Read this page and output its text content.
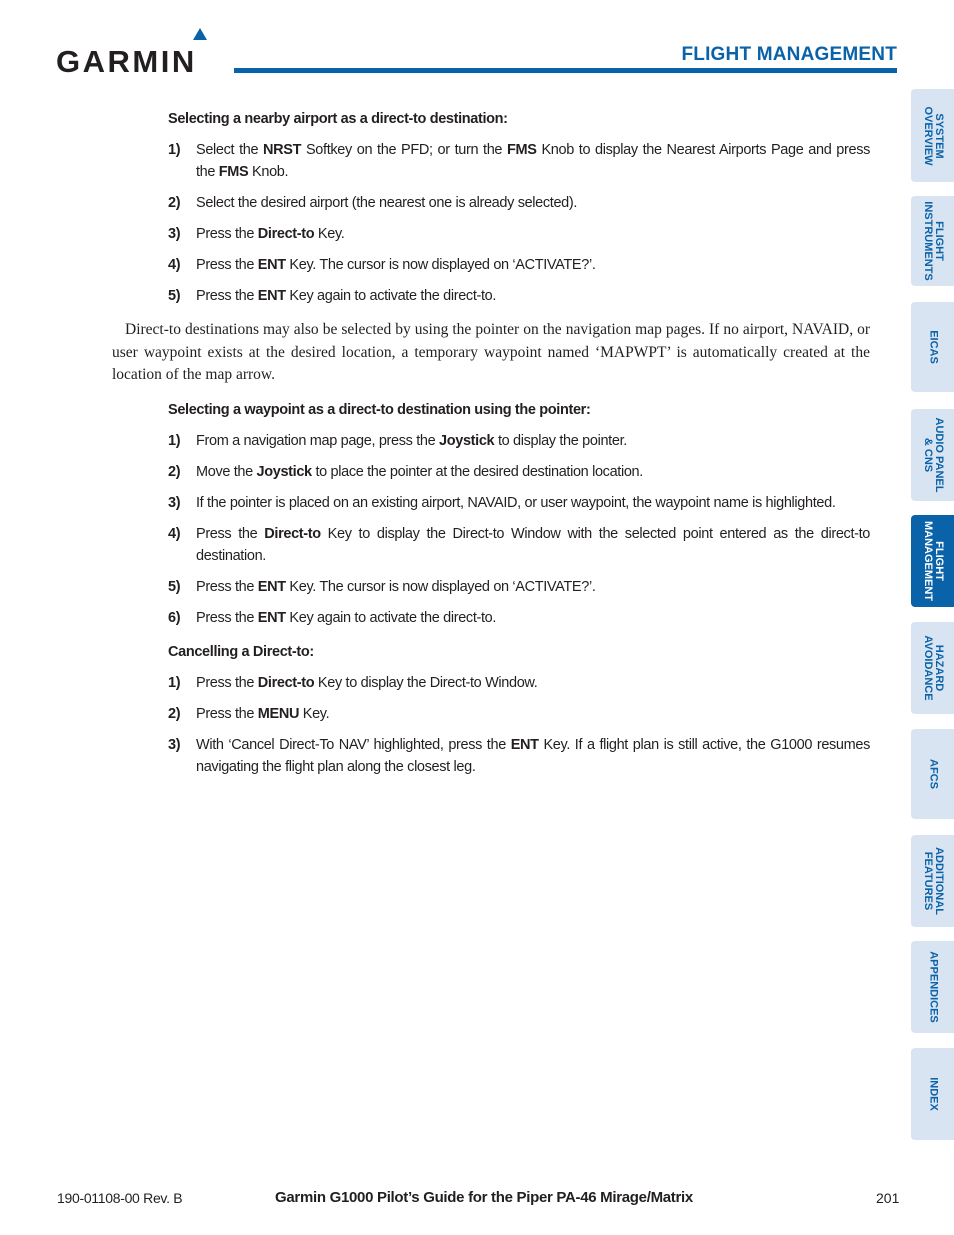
GARMIN	FLIGHT MANAGEMENT
Selecting a nearby airport as a direct-to destination:
1) Select the NRST Softkey on the PFD; or turn the FMS Knob to display the Nearest Airports Page and press the FMS Knob.
2) Select the desired airport (the nearest one is already selected).
3) Press the Direct-to Key.
4) Press the ENT Key. The cursor is now displayed on ‘ACTIVATE?’.
5) Press the ENT Key again to activate the direct-to.

Direct-to destinations may also be selected by using the pointer on the navigation map pages. If no airport, NAVAID, or user waypoint exists at the desired location, a temporary waypoint named ‘MAPWPT’ is automatically created at the location of the map arrow.

Selecting a waypoint as a direct-to destination using the pointer:
1) From a navigation map page, press the Joystick to display the pointer.
2) Move the Joystick to place the pointer at the desired destination location.
3) If the pointer is placed on an existing airport, NAVAID, or user waypoint, the waypoint name is highlighted.
4) Press the Direct-to Key to display the Direct-to Window with the selected point entered as the direct-to destination.
5) Press the ENT Key. The cursor is now displayed on ‘ACTIVATE?’.
6) Press the ENT Key again to activate the direct-to.
Cancelling a Direct-to:
1) Press the Direct-to Key to display the Direct-to Window.
2) Press the MENU Key.
3) With ‘Cancel Direct-To NAV’ highlighted, press the ENT Key. If a flight plan is still active, the G1000 resumes navigating the flight plan along the closest leg.
SYSTEM
OVERVIEW
FLIGHT
INSTRUMENTS
EICAS
AUDIO PANEL
& CNS
FLIGHT
MANAGEMENT
HAZARD
AVOIDANCE
AFCS
ADDITIONAL
FEATURES
APPENDICES
INDEX
190-01108-00 Rev. B	Garmin G1000 Pilot’s Guide for the Piper PA-46 Mirage/Matrix	201
